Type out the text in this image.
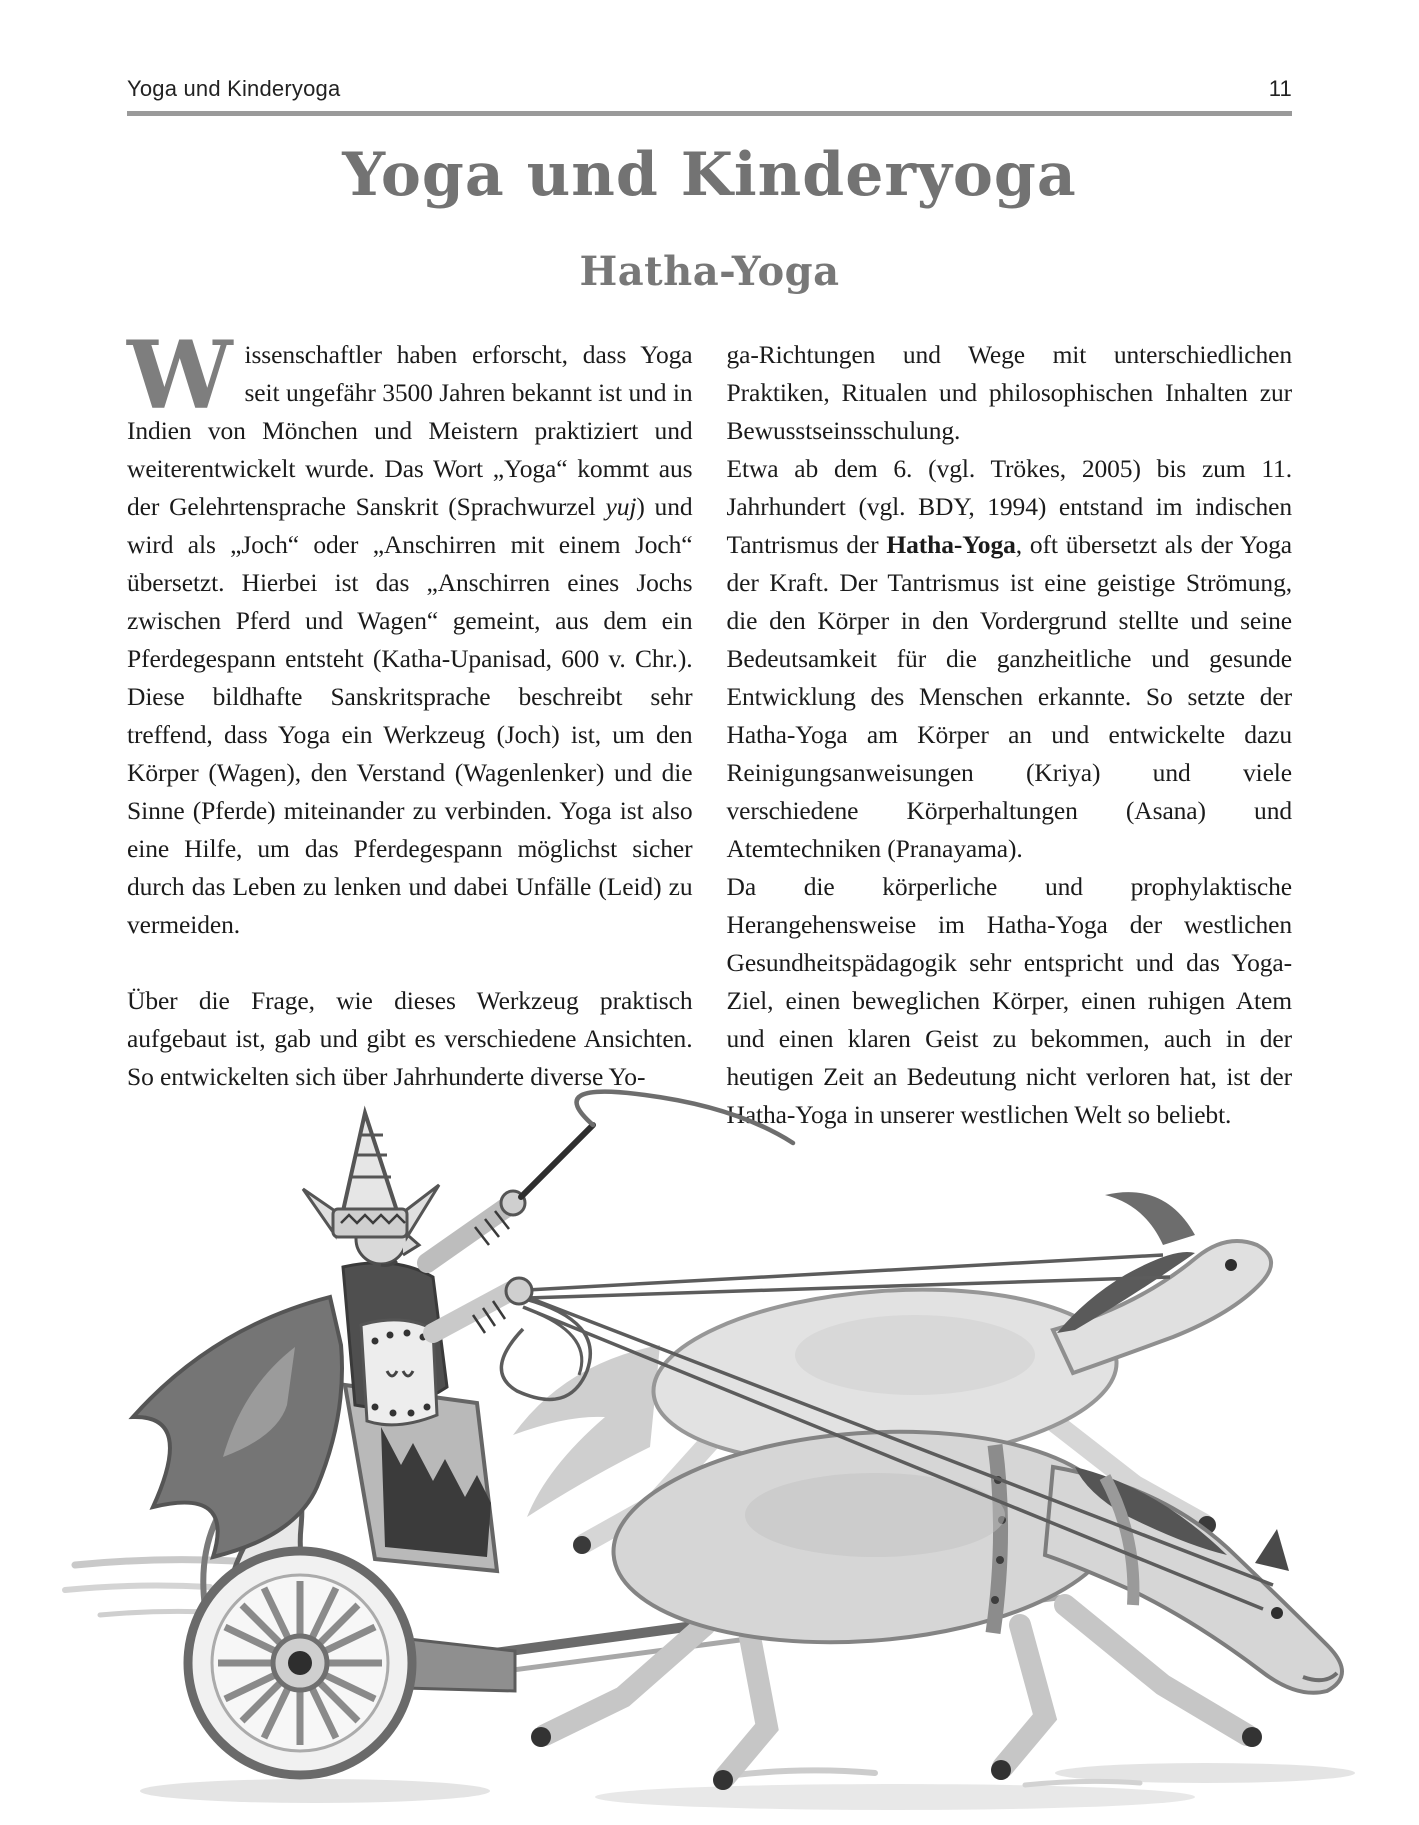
Yoga und Kinderyoga	11
Yoga und Kinderyoga
Hatha-Yoga

Wissenschaftler haben erforscht, dass Yoga seit ungefähr 3500 Jahren bekannt ist und in Indien von Mönchen und Meistern praktiziert und weiterentwickelt wurde. Das Wort „Yoga“ kommt aus der Gelehrtensprache Sanskrit (Sprachwurzel yuj) und wird als „Joch“ oder „Anschirren mit einem Joch“ übersetzt. Hierbei ist das „Anschirren eines Jochs zwischen Pferd und Wagen“ gemeint, aus dem ein Pferdegespann entsteht (Katha-Upanisad, 600 v. Chr.). Diese bildhafte Sanskritsprache beschreibt sehr treffend, dass Yoga ein Werkzeug (Joch) ist, um den Körper (Wagen), den Verstand (Wagenlenker) und die Sinne (Pferde) miteinander zu verbinden. Yoga ist also eine Hilfe, um das Pferdegespann möglichst sicher durch das Leben zu lenken und dabei Unfälle (Leid) zu vermeiden.

Über die Frage, wie dieses Werkzeug praktisch aufgebaut ist, gab und gibt es verschiedene Ansichten. So entwickelten sich über Jahrhunderte diverse Yo-

ga-Richtungen und Wege mit unterschiedlichen Praktiken, Ritualen und philosophischen Inhalten zur Bewusstseinsschulung.

Etwa ab dem 6. (vgl. Trökes, 2005) bis zum 11. Jahrhundert (vgl. BDY, 1994) entstand im indischen Tantrismus der Hatha-Yoga, oft übersetzt als der Yoga der Kraft. Der Tantrismus ist eine geistige Strömung, die den Körper in den Vordergrund stellte und seine Bedeutsamkeit für die ganzheitliche und gesunde Entwicklung des Menschen erkannte. So setzte der Hatha-Yoga am Körper an und entwickelte dazu Reinigungsanweisungen (Kriya) und viele verschiedene Körperhaltungen (Asana) und Atemtechniken (Pranayama).

Da die körperliche und prophylaktische Herangehensweise im Hatha-Yoga der westlichen Gesundheitspädagogik sehr entspricht und das Yoga-Ziel, einen beweglichen Körper, einen ruhigen Atem und einen klaren Geist zu bekommen, auch in der heutigen Zeit an Bedeutung nicht verloren hat, ist der Hatha-Yoga in unserer westlichen Welt so beliebt.
